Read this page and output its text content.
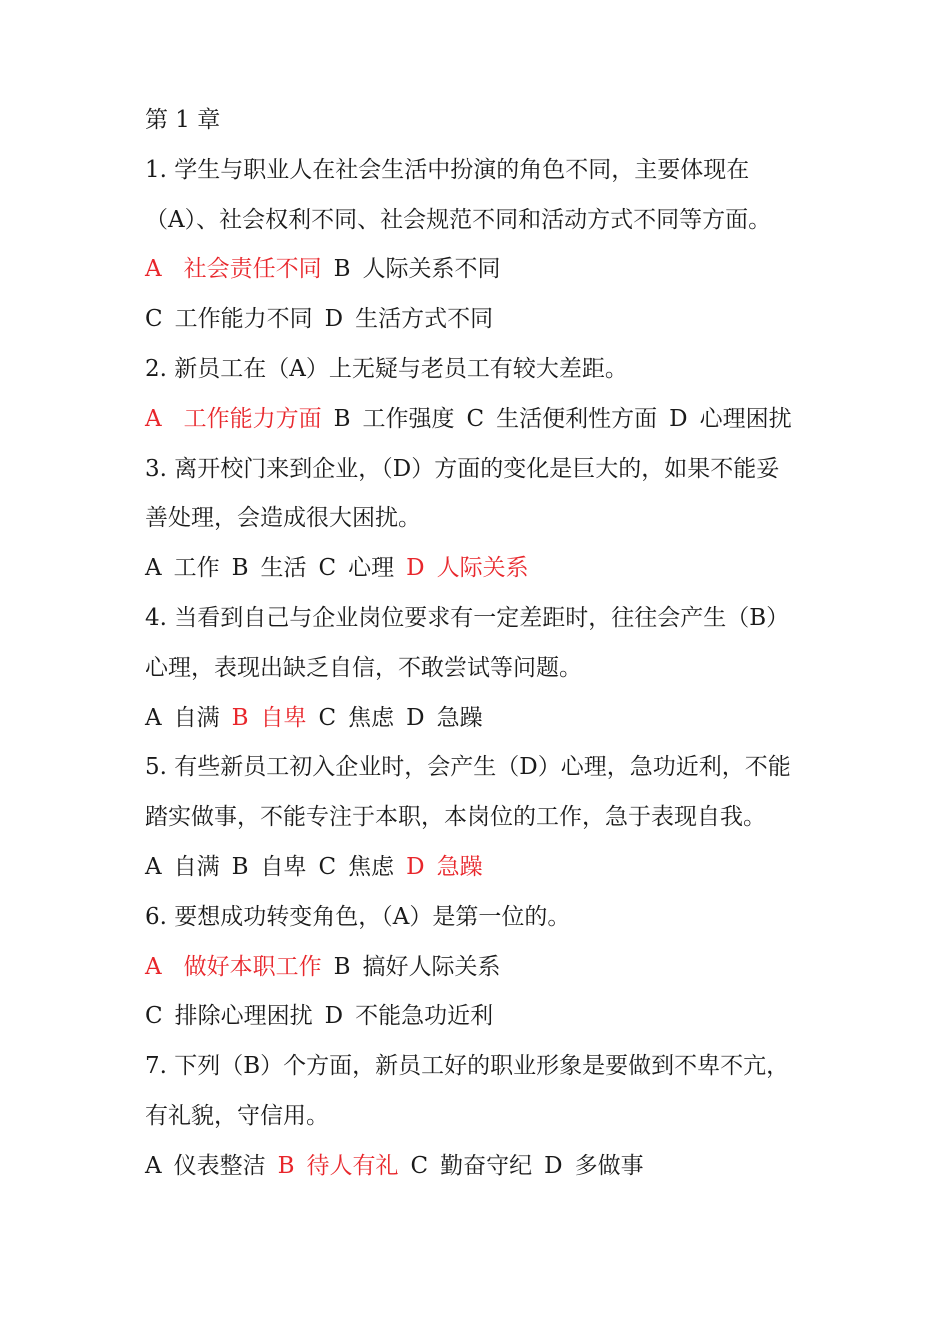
第 1 章
1. 学生与职业人在社会生活中扮演的角色不同，主要体现在
（A）、社会权利不同、社会规范不同和活动方式不同等方面。
A 社会责任不同 B 人际关系不同
C 工作能力不同 D 生活方式不同
2. 新员工在（A）上无疑与老员工有较大差距。
A 工作能力方面 B 工作强度 C 生活便利性方面 D 心理困扰
3. 离开校门来到企业，（D）方面的变化是巨大的，如果不能妥
善处理，会造成很大困扰。
A 工作 B 生活 C 心理 D 人际关系
4. 当看到自己与企业岗位要求有一定差距时，往往会产生（B）
心理，表现出缺乏自信，不敢尝试等问题。
A 自满 B 自卑 C 焦虑 D 急躁
5. 有些新员工初入企业时，会产生（D）心理，急功近利，不能
踏实做事，不能专注于本职，本岗位的工作，急于表现自我。
A 自满 B 自卑 C 焦虑 D 急躁
6. 要想成功转变角色，（A）是第一位的。
A 做好本职工作 B 搞好人际关系
C 排除心理困扰 D 不能急功近利
7. 下列（B）个方面，新员工好的职业形象是要做到不卑不亢，
有礼貌，守信用。
A 仪表整洁 B 待人有礼 C 勤奋守纪 D 多做事
